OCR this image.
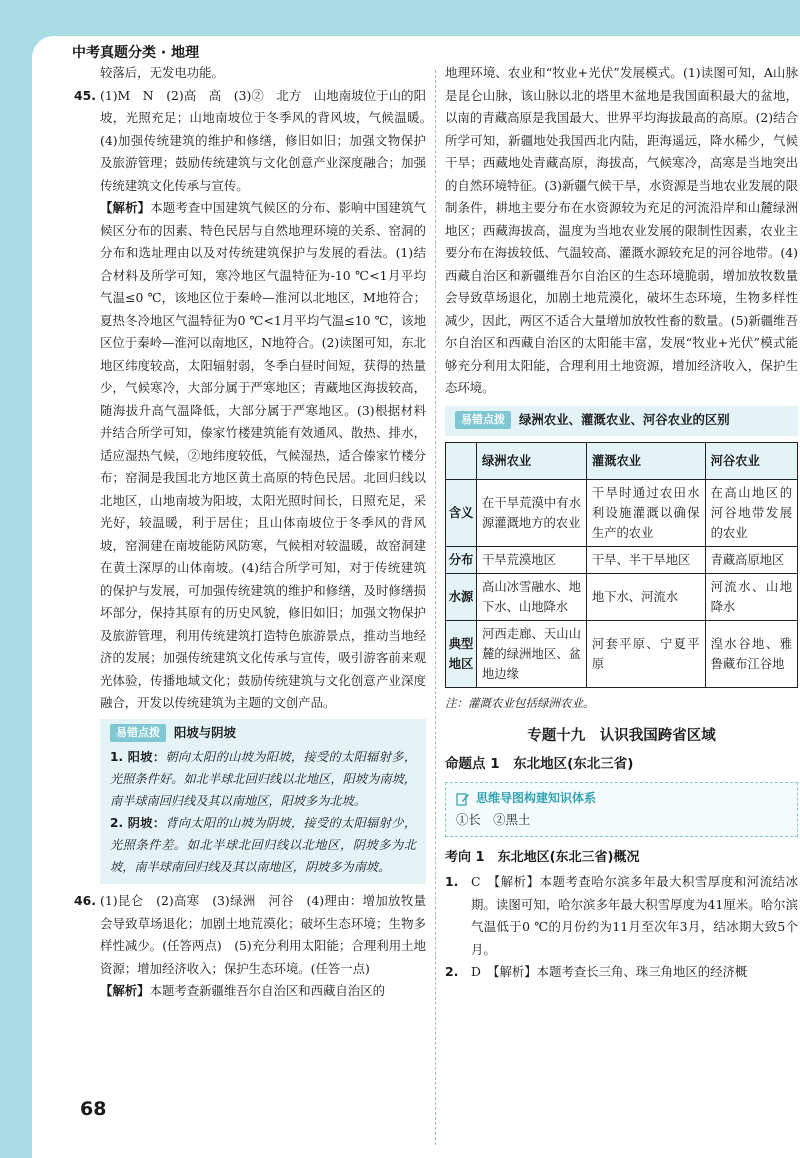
中考真题分类 · 地理

较落后，无发电功能。

45. (1)M　N　(2)高　高　(3)②　北方　山地南坡位于山的阳坡，光照充足；山地南坡位于冬季风的背风坡，气候温暖。　(4)加强传统建筑的维护和修缮，修旧如旧；加强文物保护及旅游管理；鼓励传统建筑与文化创意产业深度融合；加强传统建筑文化传承与宣传。

【解析】本题考查中国建筑气候区的分布、影响中国建筑气候区分布的因素、特色民居与自然地理环境的关系、窑洞的分布和选址理由以及对传统建筑保护与发展的看法。(1)结合材料及所学可知，寒冷地区气温特征为-10 ℃<1月平均气温≤0 ℃，该地区位于秦岭—淮河以北地区，M地符合；夏热冬冷地区气温特征为0 ℃<1月平均气温≤10 ℃，该地区位于秦岭—淮河以南地区，N地符合。(2)读图可知，东北地区纬度较高，太阳辐射弱，冬季白昼时间短，获得的热量少，气候寒冷，大部分属于严寒地区；青藏地区海拔较高，随海拔升高气温降低，大部分属于严寒地区。(3)根据材料并结合所学可知，傣家竹楼建筑能有效通风、散热、排水，适应湿热气候，②地纬度较低，气候湿热，适合傣家竹楼分布；窑洞是我国北方地区黄土高原的特色民居。北回归线以北地区，山地南坡为阳坡，太阳光照时间长，日照充足，采光好，较温暖，利于居住；且山体南坡位于冬季风的背风坡，窑洞建在南坡能防风防寒，气候相对较温暖，故窑洞建在黄土深厚的山体南坡。(4)结合所学可知，对于传统建筑的保护与发展，可加强传统建筑的维护和修缮，及时修缮损坏部分，保持其原有的历史风貌，修旧如旧；加强文物保护及旅游管理，利用传统建筑打造特色旅游景点，推动当地经济的发展；加强传统建筑文化传承与宣传，吸引游客前来观光体验，传播地域文化；鼓励传统建筑与文化创意产业深度融合，开发以传统建筑为主题的文创产品。

易错点拨	阳坡与阴坡

1. 阳坡：朝向太阳的山坡为阳坡，接受的太阳辐射多，光照条件好。如北半球北回归线以北地区，阳坡为南坡，南半球南回归线及其以南地区，阳坡多为北坡。

2. 阴坡：背向太阳的山坡为阴坡，接受的太阳辐射少，光照条件差。如北半球北回归线以北地区，阴坡多为北坡，南半球南回归线及其以南地区，阴坡多为南坡。

46. (1)昆仑　(2)高寒　(3)绿洲　河谷　(4)理由：增加放牧量会导致草场退化；加剧土地荒漠化；破坏生态环境；生物多样性减少。(任答两点)　(5)充分利用太阳能；合理利用土地资源；增加经济收入；保护生态环境。(任答一点)

【解析】本题考查新疆维吾尔自治区和西藏自治区的

地理环境、农业和“牧业+光伏”发展模式。(1)读图可知，A山脉是昆仑山脉，该山脉以北的塔里木盆地是我国面积最大的盆地，以南的青藏高原是我国最大、世界平均海拔最高的高原。(2)结合所学可知，新疆地处我国西北内陆，距海遥远，降水稀少，气候干旱；西藏地处青藏高原，海拔高，气候寒冷，高寒是当地突出的自然环境特征。(3)新疆气候干旱，水资源是当地农业发展的限制条件，耕地主要分布在水资源较为充足的河流沿岸和山麓绿洲地区；西藏海拔高，温度为当地农业发展的限制性因素，农业主要分布在海拔较低、气温较高、灌溉水源较充足的河谷地带。(4)西藏自治区和新疆维吾尔自治区的生态环境脆弱，增加放牧数量会导致草场退化，加剧土地荒漠化，破坏生态环境，生物多样性减少，因此，两区不适合大量增加放牧性畜的数量。(5)新疆维吾尔自治区和西藏自治区的太阳能丰富，发展“牧业+光伏”模式能够充分利用太阳能，合理利用土地资源，增加经济收入，保护生态环境。

易错点拨	绿洲农业、灌溉农业、河谷农业的区别
	绿洲农业	灌溉农业	河谷农业
含义	在干旱荒漠中有水源灌溉地方的农业	干旱时通过农田水利设施灌溉以确保生产的农业	在高山地区的河谷地带发展的农业
分布	干旱荒漠地区	干旱、半干旱地区	青藏高原地区
水源	高山冰雪融水、地下水、山地降水	地下水、河流水	河流水、山地降水
典型地区	河西走廊、天山山麓的绿洲地区、盆地边缘	河套平原、宁夏平原	湟水谷地、雅鲁藏布江谷地

注：灌溉农业包括绿洲农业。

专题十九　认识我国跨省区域
命题点 1　东北地区(东北三省)
思维导图构建知识体系

①长　②黑土

考向 1　东北地区(东北三省)概况

1. C　【解析】本题考查哈尔滨多年最大积雪厚度和河流结冰期。读图可知，哈尔滨多年最大积雪厚度为41厘米。哈尔滨气温低于0 ℃的月份约为11月至次年3月，结冰期大致5个月。

2. D　【解析】本题考查长三角、珠三角地区的经济概

68
